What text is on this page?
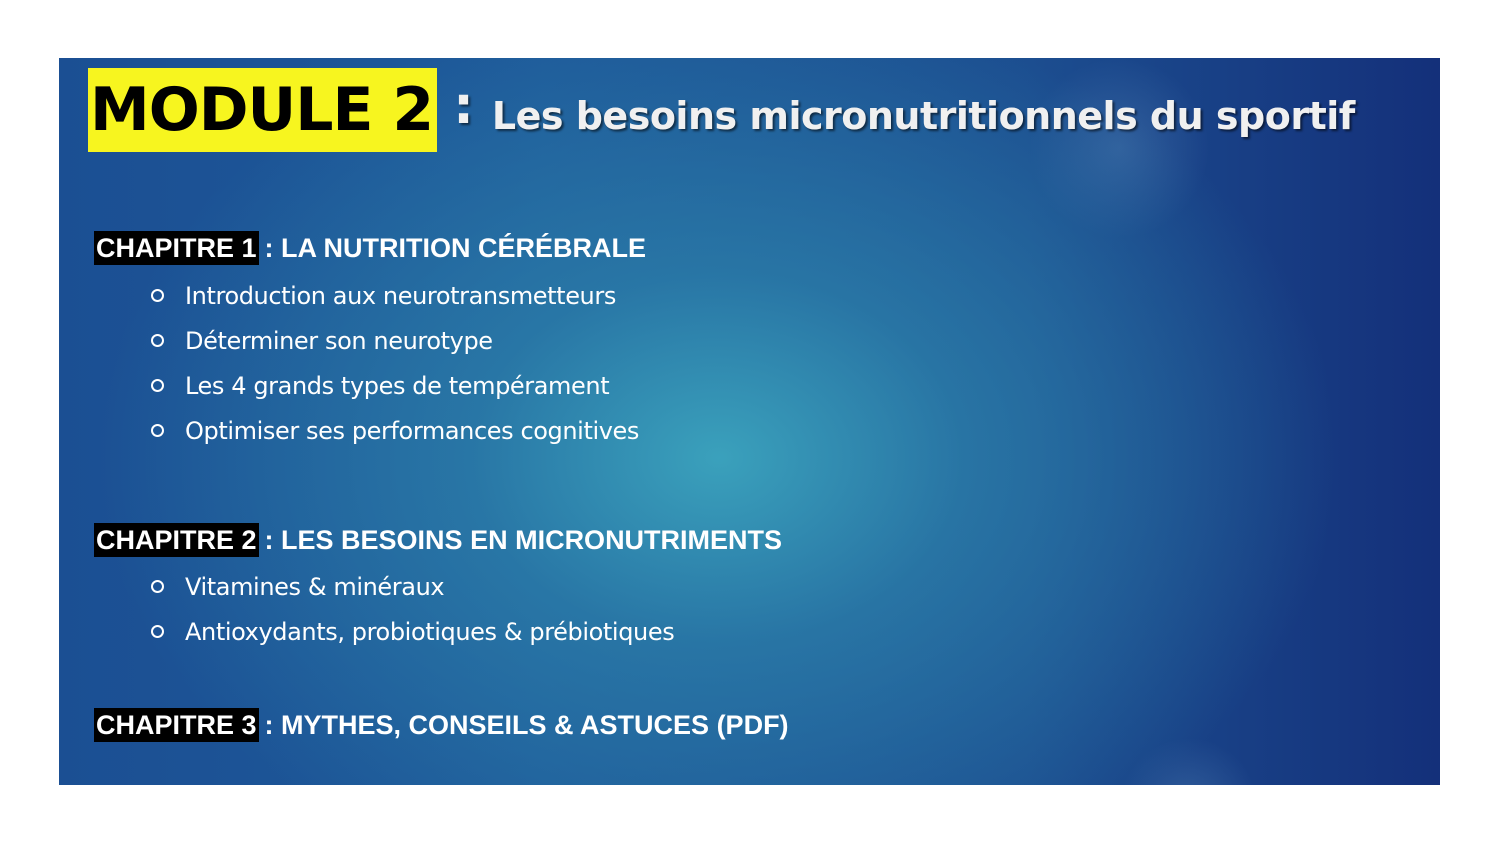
MODULE 2 : Les besoins micronutritionnels du sportif
CHAPITRE 1 : LA NUTRITION CÉRÉBRALE
Introduction aux neurotransmetteurs
Déterminer son neurotype
Les 4 grands types de tempérament
Optimiser ses performances cognitives
CHAPITRE 2 : LES BESOINS EN MICRONUTRIMENTS
Vitamines & minéraux
Antioxydants, probiotiques & prébiotiques
CHAPITRE 3 : MYTHES, CONSEILS & ASTUCES (PDF)
